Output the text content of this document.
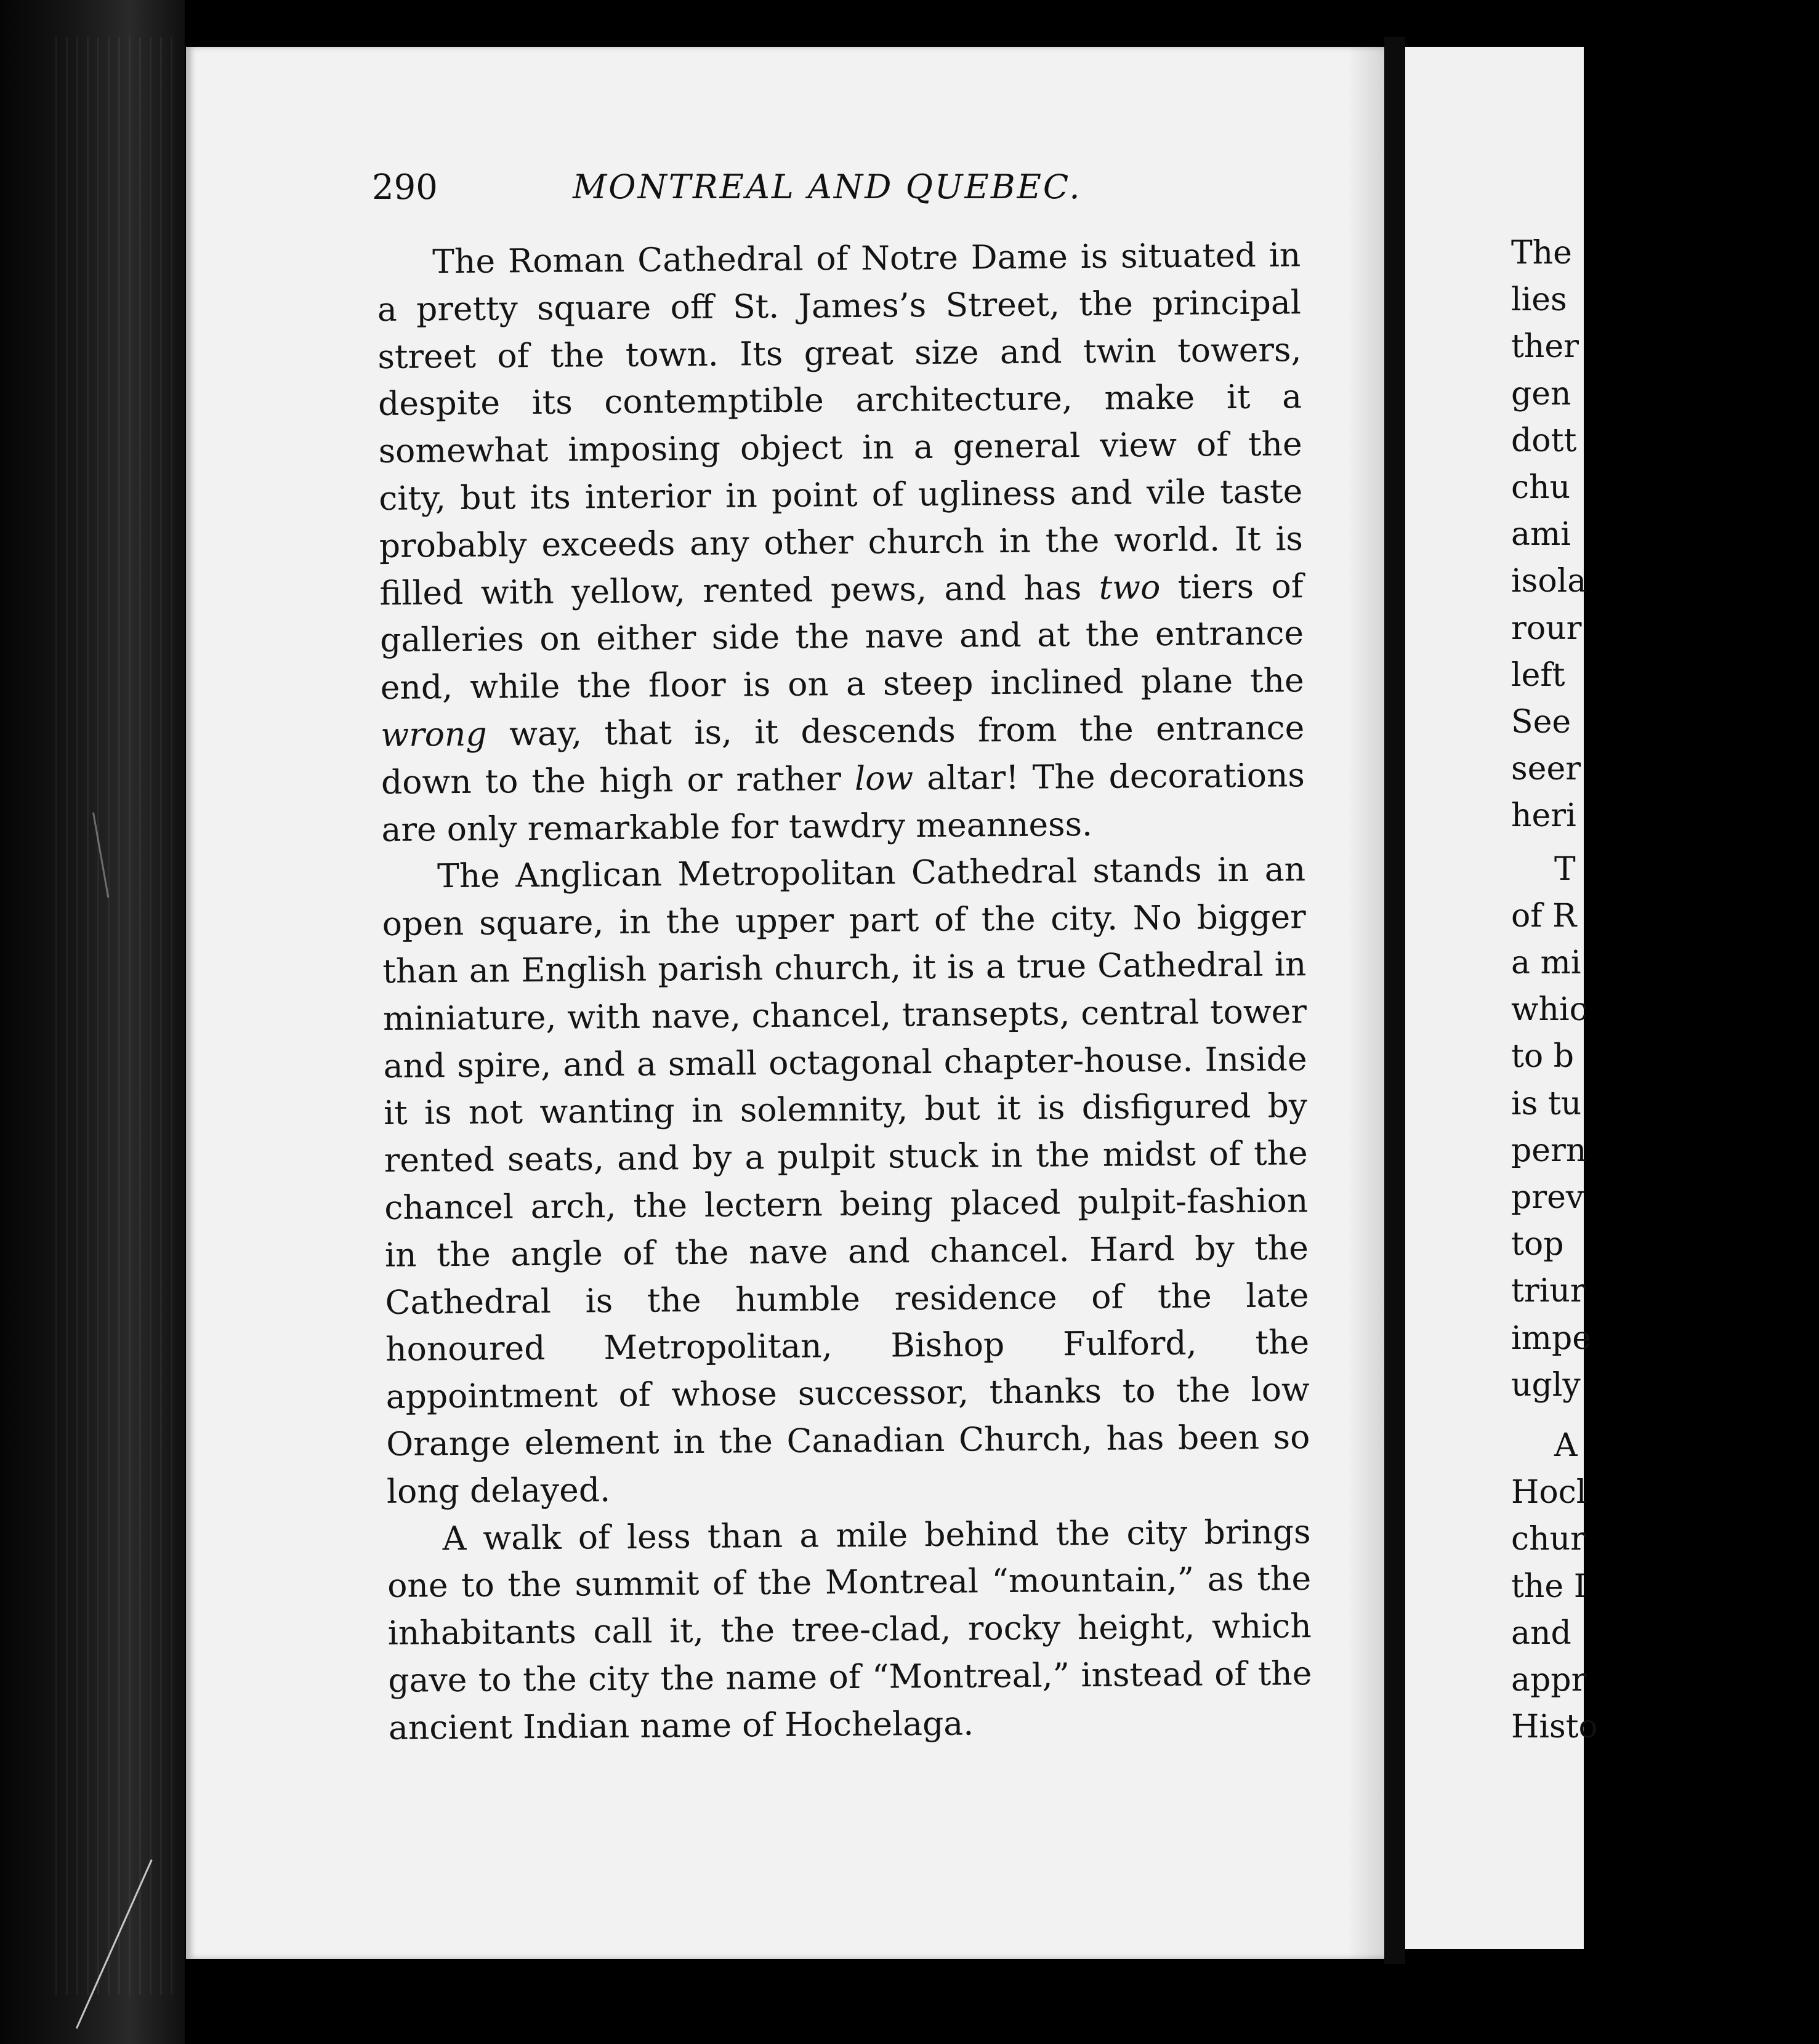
The
lies
ther
gen
dott
chu
ami
isola
rour
left
See
seer
heri
T
of R
a mi
whic
to b
is tu
pern
prev
top
triur
impe
ugly
A
Hocl
chur
the I
and
appr
Histo
290	MONTREAL AND QUEBEC.

The Roman Cathedral of Notre Dame is situated in a pretty square off St. James’s Street, the principal street of the town. Its great size and twin towers, despite its contemptible architecture, make it a somewhat imposing object in a general view of the city, but its interior in point of ugliness and vile taste probably exceeds any other church in the world. It is filled with yellow, rented pews, and has two tiers of galleries on either side the nave and at the entrance end, while the floor is on a steep inclined plane the wrong way, that is, it descends from the entrance down to the high or rather low altar! The decorations are only remarkable for tawdry meanness.

The Anglican Metropolitan Cathedral stands in an open square, in the upper part of the city. No bigger than an English parish church, it is a true Cathedral in miniature, with nave, chancel, transepts, central tower and spire, and a small octagonal chapter-house. Inside it is not wanting in solemnity, but it is disfigured by rented seats, and by a pulpit stuck in the midst of the chancel arch, the lectern being placed pulpit-fashion in the angle of the nave and chancel. Hard by the Cathedral is the humble residence of the late honoured Metropolitan, Bishop Fulford, the appointment of whose successor, thanks to the low Orange element in the Canadian Church, has been so long delayed.

A walk of less than a mile behind the city brings one to the summit of the Montreal “mountain,” as the inhabitants call it, the tree-clad, rocky height, which gave to the city the name of “Montreal,” instead of the ancient Indian name of Hochelaga.
